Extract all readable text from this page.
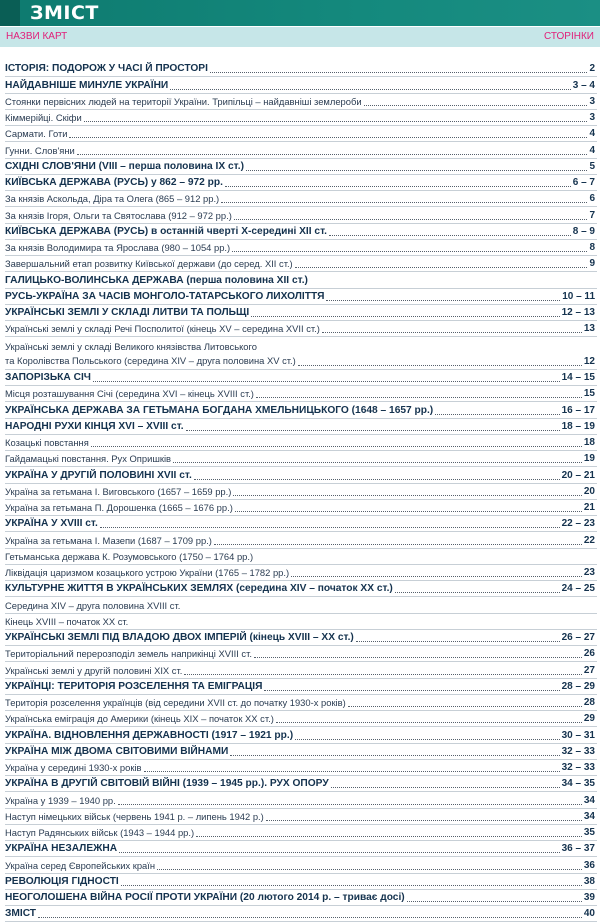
ЗМІСТ
НАЗВИ КАРТ	СТОРІНКИ
ІСТОРІЯ: ПОДОРОЖ У ЧАСІ Й ПРОСТОРІ	2
НАЙДАВНІШЕ МИНУЛЕ УКРАЇНИ	3 – 4
Стоянки первісних людей на території України. Трипільці – найдавніші землероби	3
Кіммерійці. Скіфи	3
Сармати. Готи	4
Гунни. Слов'яни	4
СХІДНІ СЛОВ'ЯНИ (VIII – перша половина IX ст.)	5
КИЇВСЬКА ДЕРЖАВА (РУСЬ) у 862 – 972 рр.	6 – 7
За князів Аскольда, Діра та Олега (865 – 912 рр.)	6
За князів Ігоря, Ольги та Святослава (912 – 972 рр.)	7
КИЇВСЬКА ДЕРЖАВА (РУСЬ) в останній чверті X-середині XII ст.	8 – 9
За князів Володимира та Ярослава (980 – 1054 рр.)	8
Завершальний етап розвитку Київської держави (до серед. XII ст.)	9
ГАЛИЦЬКО-ВОЛИНСЬКА ДЕРЖАВА (перша половина XII ст.)
РУСЬ-УКРАЇНА ЗА ЧАСІВ МОНГОЛО-ТАТАРСЬКОГО ЛИХОЛІТТЯ	10 – 11
УКРАЇНСЬКІ ЗЕМЛІ У СКЛАДІ ЛИТВИ ТА ПОЛЬЩІ	12 – 13
Українські землі у складі Речі Посполитої (кінець XV – середина XVII ст.)	13
Українські землі у складі Великого князівства Литовського
та Королівства Польського (середина XIV – друга половина XV ст.)	12
ЗАПОРІЗЬКА СІЧ	14 – 15
Місця розташування Січі (середина XVI – кінець XVIII ст.)	15
УКРАЇНСЬКА ДЕРЖАВА ЗА ГЕТЬМАНА БОГДАНА ХМЕЛЬНИЦЬКОГО (1648 – 1657 рр.)	16 – 17
НАРОДНІ РУХИ КІНЦЯ XVI – XVIII ст.	18 – 19
Козацькі повстання	18
Гайдамацькі повстання. Рух Опришків	19
УКРАЇНА У ДРУГІЙ ПОЛОВИНІ XVII ст.	20 – 21
Україна за гетьмана І. Виговського (1657 – 1659 рр.)	20
Україна за гетьмана П. Дорошенка (1665 – 1676 рр.)	21
УКРАЇНА У XVIII ст.	22 – 23
Україна за гетьмана І. Мазепи (1687 – 1709 рр.)	22
Гетьманська держава К. Розумовського (1750 – 1764 рр.)
Ліквідація царизмом козацького устрою України (1765 – 1782 рр.)	23
КУЛЬТУРНЕ ЖИТТЯ В УКРАЇНСЬКИХ ЗЕМЛЯХ (середина XIV – початок XX ст.)	24 – 25
Середина XIV – друга половина XVIII ст.
Кінець XVIII – початок XX ст.
УКРАЇНСЬКІ ЗЕМЛІ ПІД ВЛАДОЮ ДВОХ ІМПЕРІЙ (кінець XVIII – XX ст.)	26 – 27
Територіальний перерозподіл земель наприкінці XVIII ст.	26
Українські землі у другій половині XIX ст.	27
УКРАЇНЦІ: ТЕРИТОРІЯ РОЗСЕЛЕННЯ ТА ЕМІГРАЦІЯ	28 – 29
Територія розселення українців (від середини XVII ст. до початку 1930-х років)	28
Українська еміграція до Америки (кінець XIX – початок XX ст.)	29
УКРАЇНА. ВІДНОВЛЕННЯ ДЕРЖАВНОСТІ (1917 – 1921 рр.)	30 – 31
УКРАЇНА МІЖ ДВОМА СВІТОВИМИ ВІЙНАМИ	32 – 33
Україна у середині 1930-х років	32 – 33
УКРАЇНА В ДРУГІЙ СВІТОВІЙ ВІЙНІ (1939 – 1945 рр.). РУХ ОПОРУ	34 – 35
Україна у 1939 – 1940 рр.	34
Наступ німецьких військ (червень 1941 р. – липень 1942 р.)	34
Наступ Радянських військ (1943 – 1944 рр.)	35
УКРАЇНА НЕЗАЛЕЖНА	36 – 37
Україна серед Європейських країн	36
РЕВОЛЮЦІЯ ГІДНОСТІ	38
НЕОГОЛОШЕНА ВІЙНА РОСІЇ ПРОТИ УКРАЇНИ (20 лютого 2014 р. – триває досі)	39
ЗМІСТ	40
